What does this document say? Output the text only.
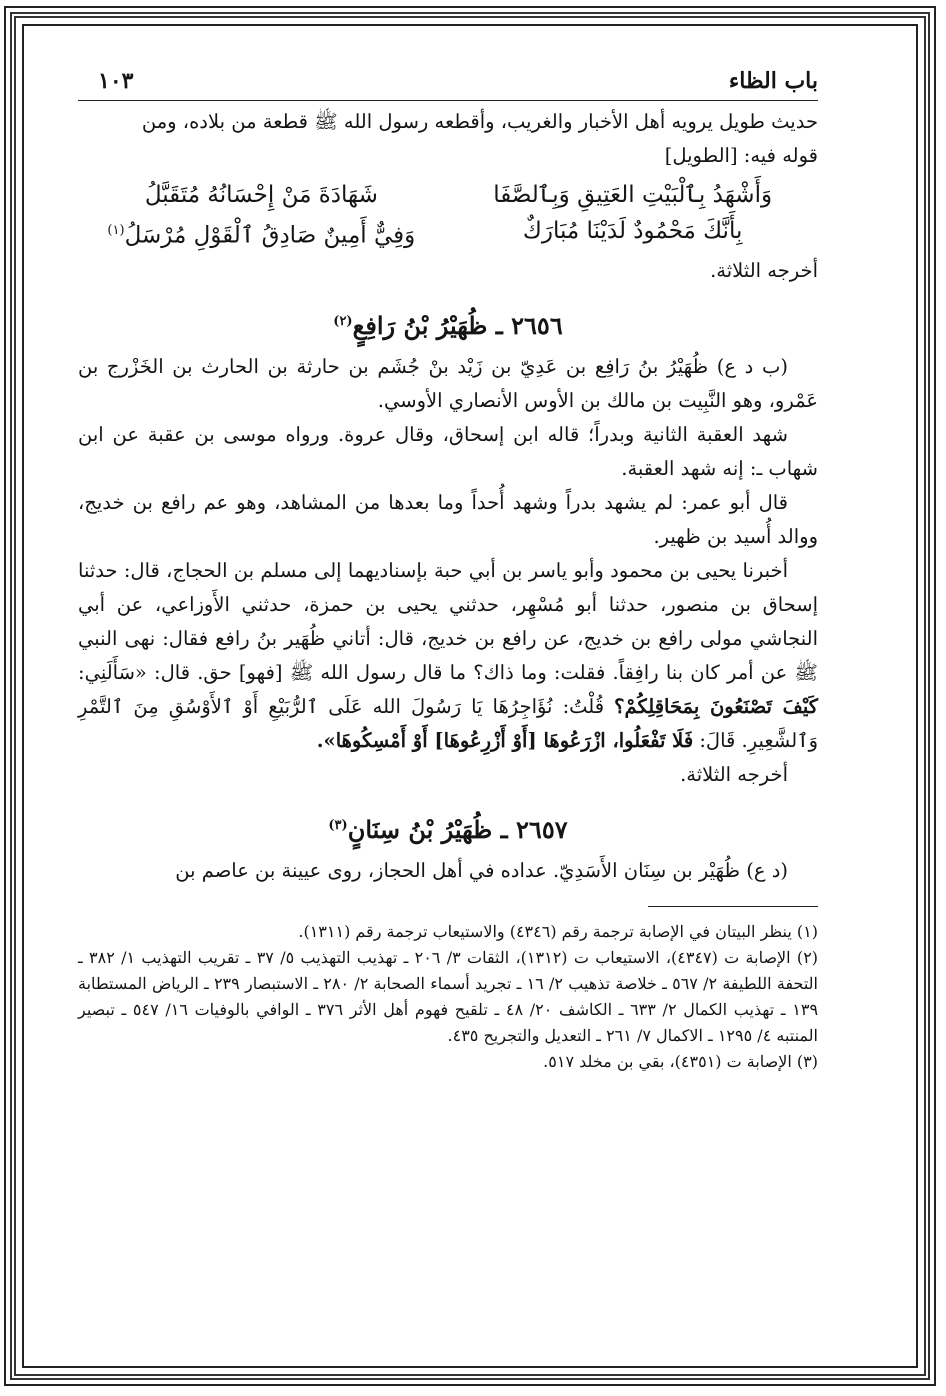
باب الظاء
١٠٣

حديث طويل يرويه أهل الأخبار والغريب، وأقطعه رسول الله ﷺ قطعة من بلاده، ومن

قوله فيه: [الطويل]

وَأَشْهَدُ بِٱلْبَيْتِ العَتِيقِ وَبِٱلصَّفَا
شَهَادَةَ مَنْ إِحْسَانُهُ مُتَقَبَّلُ
بِأَنَّكَ مَحْمُودٌ لَدَيْنَا مُبَارَكٌ
وَفِيٌّ أَمِينٌ صَادِقُ ٱلْقَوْلِ مُرْسَلُ$^{(١)}$

أخرجه الثلاثة.

٢٦٥٦ ـ ظُهَيْرُ بْنُ رَافِعٍ$^{(٢)}$

(ب د ع) ظُهَيْرُ بنُ رَافِع بن عَدِيّ بن زَيْد بنْ جُشَم بن حارثة بن الحارث بن الخَزْرج بن عَمْرو، وهو النَّبِيت بن مالك بن الأوس الأنصاري الأوسي.

شهد العقبة الثانية وبدراً؛ قاله ابن إسحاق، وقال عروة. ورواه موسى بن عقبة عن ابن شهاب ـ: إنه شهد العقبة.

قال أبو عمر: لم يشهد بدراً وشهد أُحداً وما بعدها من المشاهد، وهو عم رافع بن خديج، ووالد أُسيد بن ظهير.

أخبرنا يحيى بن محمود وأبو ياسر بن أبي حبة بإسناديهما إلى مسلم بن الحجاج، قال: حدثنا إسحاق بن منصور، حدثنا أبو مُسْهِر، حدثني يحيى بن حمزة، حدثني الأَوزاعي، عن أبي النجاشي مولى رافع بن خديج، عن رافع بن خديج، قال: أتاني ظُهَير بنُ رافع فقال: نهى النبي ﷺ عن أمر كان بنا رافِقاً. فقلت: وما ذاك؟ ما قال رسول الله ﷺ [فهو] حق. قال: «سَأَلَنِي: كَيْفَ تَصْنَعُونَ بِمَحَاقِلِكُمْ؟ قُلْتُ: نُؤَاجِرُهَا يَا رَسُولَ الله عَلَى ٱلرُّبَيْعِ أَوْ ٱلأَوْسُقِ مِنَ ٱلتَّمْرِ وَٱلشَّعِيرِ. قَالَ: فَلَا تَفْعَلُوا، ازْرَعُوهَا [أَوْ أَزْرِعُوهَا] أَوْ أَمْسِكُوهَا».

أخرجه الثلاثة.

٢٦٥٧ ـ ظُهَيْرُ بْنُ سِنَانٍ$^{(٣)}$

(د ع) ظُهَيْر بن سِنَان الأَسَدِيّ. عداده في أهل الحجاز، روى عيينة بن عاصم بن

(١) ينظر البيتان في الإصابة ترجمة رقم (٤٣٤٦) والاستيعاب ترجمة رقم (١٣١١).

(٢) الإصابة ت (٤٣٤٧)، الاستيعاب ت (١٣١٢)، الثقات ٣/ ٢٠٦ ـ تهذيب التهذيب ٥/ ٣٧ ـ تقريب التهذيب ١/ ٣٨٢ ـ التحفة اللطيفة ٢/ ٥٦٧ ـ خلاصة تذهيب ٢/ ١٦ ـ تجريد أسماء الصحابة ٢/ ٢٨٠ ـ الاستبصار ٢٣٩ ـ الرياض المستطابة ١٣٩ ـ تهذيب الكمال ٢/ ٦٣٣ ـ الكاشف ٢٠/ ٤٨ ـ تلقيح فهوم أهل الأثر ٣٧٦ ـ الوافي بالوفيات ١٦/ ٥٤٧ ـ تبصير المنتبه ٤/ ١٢٩٥ ـ الاكمال ٧/ ٢٦١ ـ التعديل والتجريح ٤٣٥.

(٣) الإصابة ت (٤٣٥١)، بقي بن مخلد ٥١٧.
